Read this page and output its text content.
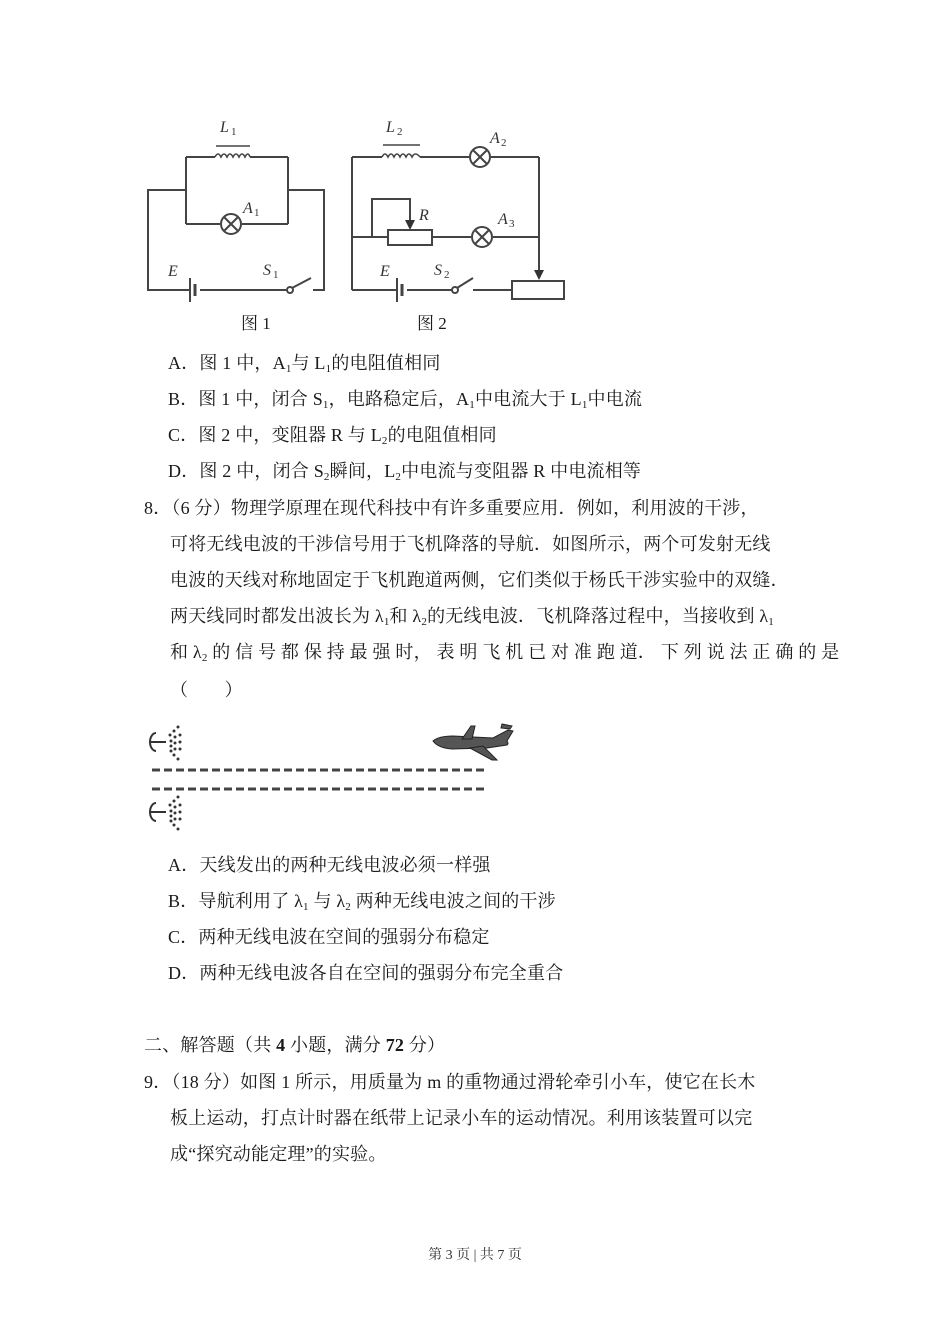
L 1
A 1
E	S 1
图 1
L 2	A 2
R	A 3
E	S 2
图 2
A．图 1 中，$A_1$与 $L_1$的电阻值相同
B．图 1 中，闭合 $S_1$，电路稳定后，$A_1$中电流大于 $L_1$中电流
C．图 2 中，变阻器 R 与 $L_2$的电阻值相同
D．图 2 中，闭合 $S_2$瞬间，$L_2$中电流与变阻器 R 中电流相等
8．（6 分）物理学原理在现代科技中有许多重要应用．例如，利用波的干涉，
可将无线电波的干涉信号用于飞机降落的导航．如图所示，两个可发射无线
电波的天线对称地固定于飞机跑道两侧，它们类似于杨氏干涉实验中的双缝．
两天线同时都发出波长为 $\lambda_1$和 $\lambda_2$的无线电波．飞机降落过程中，当接收到 $\lambda_1$
和 $\lambda_2$ 的 信 号 都 保 持 最 强 时， 表 明 飞 机 已 对 准 跑 道． 下 列 说 法 正 确 的 是
（　　）
A．天线发出的两种无线电波必须一样强
B．导航利用了 $\lambda_1$ 与 $\lambda_2$ 两种无线电波之间的干涉
C．两种无线电波在空间的强弱分布稳定
D．两种无线电波各自在空间的强弱分布完全重合
二、解答题（共 4 小题，满分 72 分）
9．（18 分）如图 1 所示，用质量为 m 的重物通过滑轮牵引小车，使它在长木
板上运动，打点计时器在纸带上记录小车的运动情况。利用该装置可以完
成“探究动能定理”的实验。
第 3 页 | 共 7 页
